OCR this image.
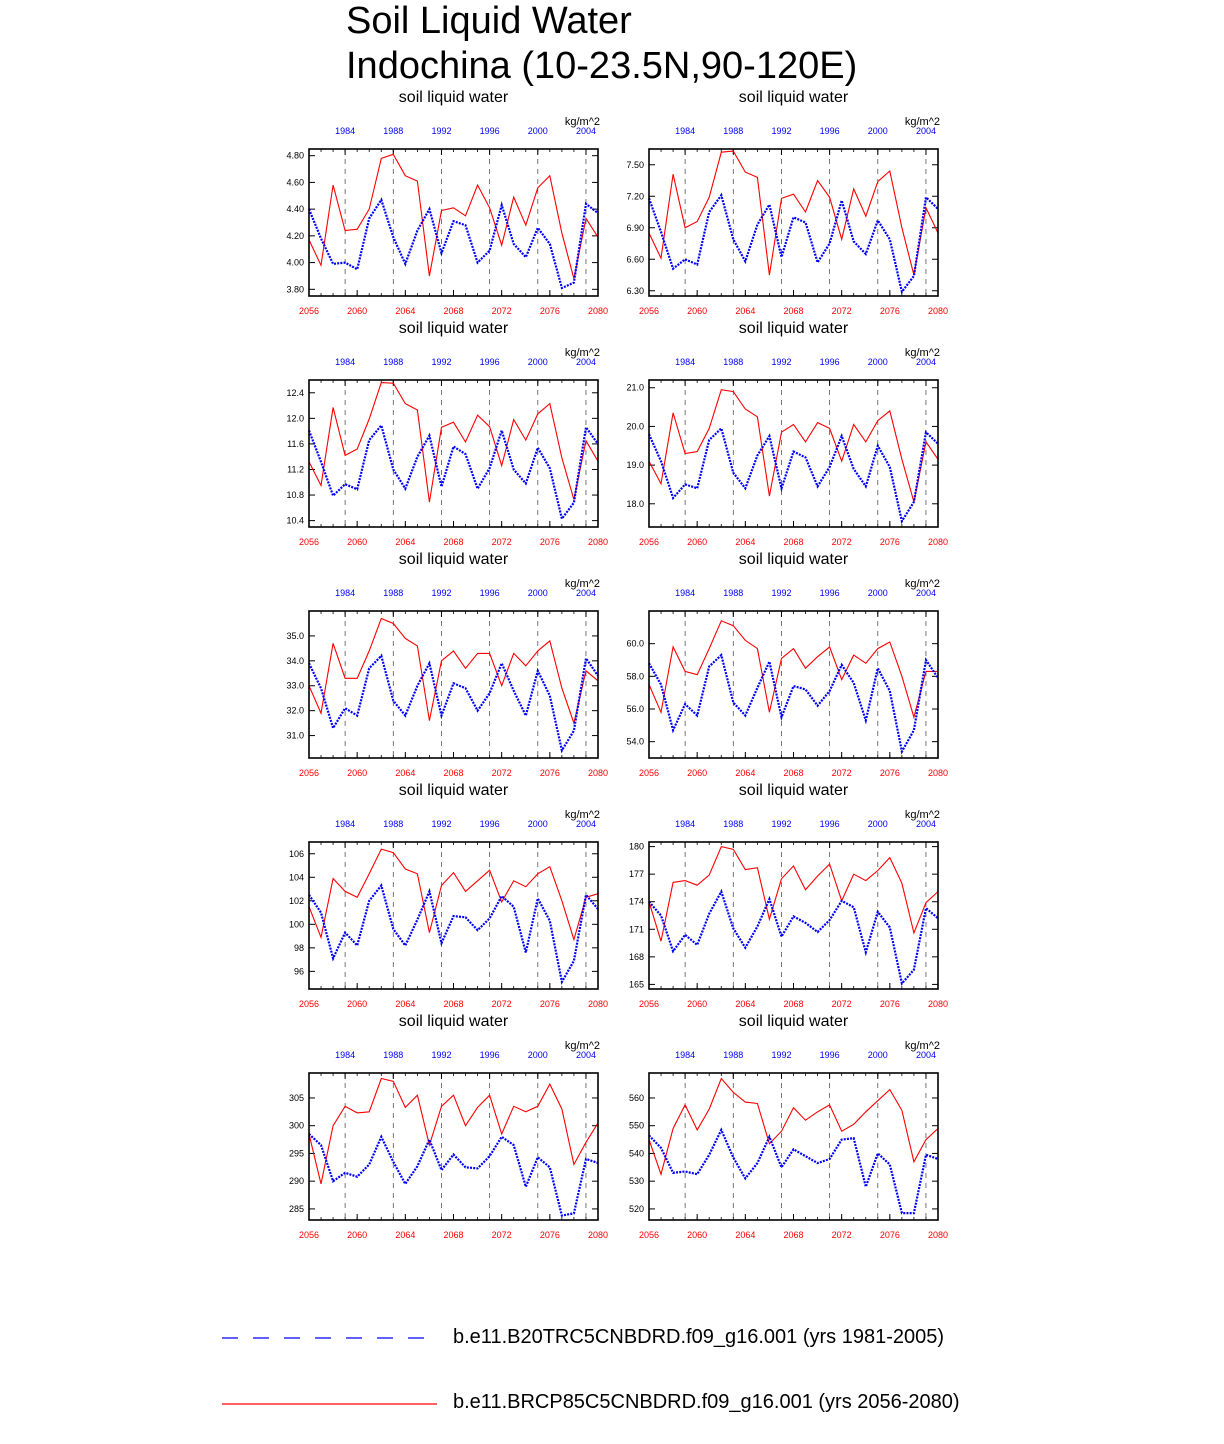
Soil Liquid Water
Indochina (10-23.5N,90-120E)
soil liquid water
kg/m^2
2056	2060	2064	2068	2072	2076	2080
1984	1988	1992	1996	2000	2004
4.80
4.60
4.40
4.20
4.00
3.80
soil liquid water
kg/m^2
2056	2060	2064	2068	2072	2076	2080
1984	1988	1992	1996	2000	2004
7.50
7.20
6.90
6.60
6.30
soil liquid water
kg/m^2
2056	2060	2064	2068	2072	2076	2080
1984	1988	1992	1996	2000	2004
12.4
12.0
11.6
11.2
10.8
10.4
soil liquid water
kg/m^2
2056	2060	2064	2068	2072	2076	2080
1984	1988	1992	1996	2000	2004
21.0
20.0
19.0
18.0
soil liquid water
kg/m^2
2056	2060	2064	2068	2072	2076	2080
1984	1988	1992	1996	2000	2004
35.0
34.0
33.0
32.0
31.0
soil liquid water
kg/m^2
2056	2060	2064	2068	2072	2076	2080
1984	1988	1992	1996	2000	2004
60.0
58.0
56.0
54.0
soil liquid water
kg/m^2
2056	2060	2064	2068	2072	2076	2080
1984	1988	1992	1996	2000	2004
106
104
102
100
98
96
soil liquid water
kg/m^2
2056	2060	2064	2068	2072	2076	2080
1984	1988	1992	1996	2000	2004
180
177
174
171
168
165
soil liquid water
kg/m^2
2056	2060	2064	2068	2072	2076	2080
1984	1988	1992	1996	2000	2004
305
300
295
290
285
soil liquid water
kg/m^2
2056	2060	2064	2068	2072	2076	2080
1984	1988	1992	1996	2000	2004
560
550
540
530
520
b.e11.B20TRC5CNBDRD.f09_g16.001 (yrs 1981-2005)
b.e11.BRCP85C5CNBDRD.f09_g16.001 (yrs 2056-2080)
